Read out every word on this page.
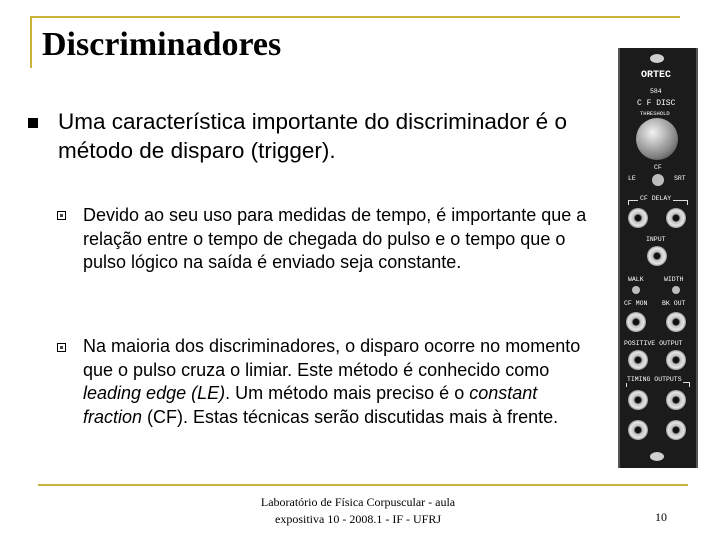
Discriminadores
Uma característica importante do discriminador é o método de disparo (trigger).
Devido ao seu uso para medidas de tempo, é importante que a relação entre o tempo de chegada do pulso e o tempo que o pulso lógico na saída é enviado seja constante.
Na maioria dos discriminadores, o disparo ocorre no momento que o pulso cruza o limiar. Este método é conhecido como leading edge (LE). Um método mais preciso é o constant fraction (CF). Estas técnicas serão discutidas mais à frente.
ORTEC
584
C F DISC
THRESHOLD
CF
LE	SRT
CF DELAY
INPUT
WALK	WIDTH
CF MON BK OUT
POSITIVE OUTPUT
TIMING OUTPUTS
Laboratório de Física Corpuscular - aula
expositiva 10 - 2008.1 - IF - UFRJ	10
